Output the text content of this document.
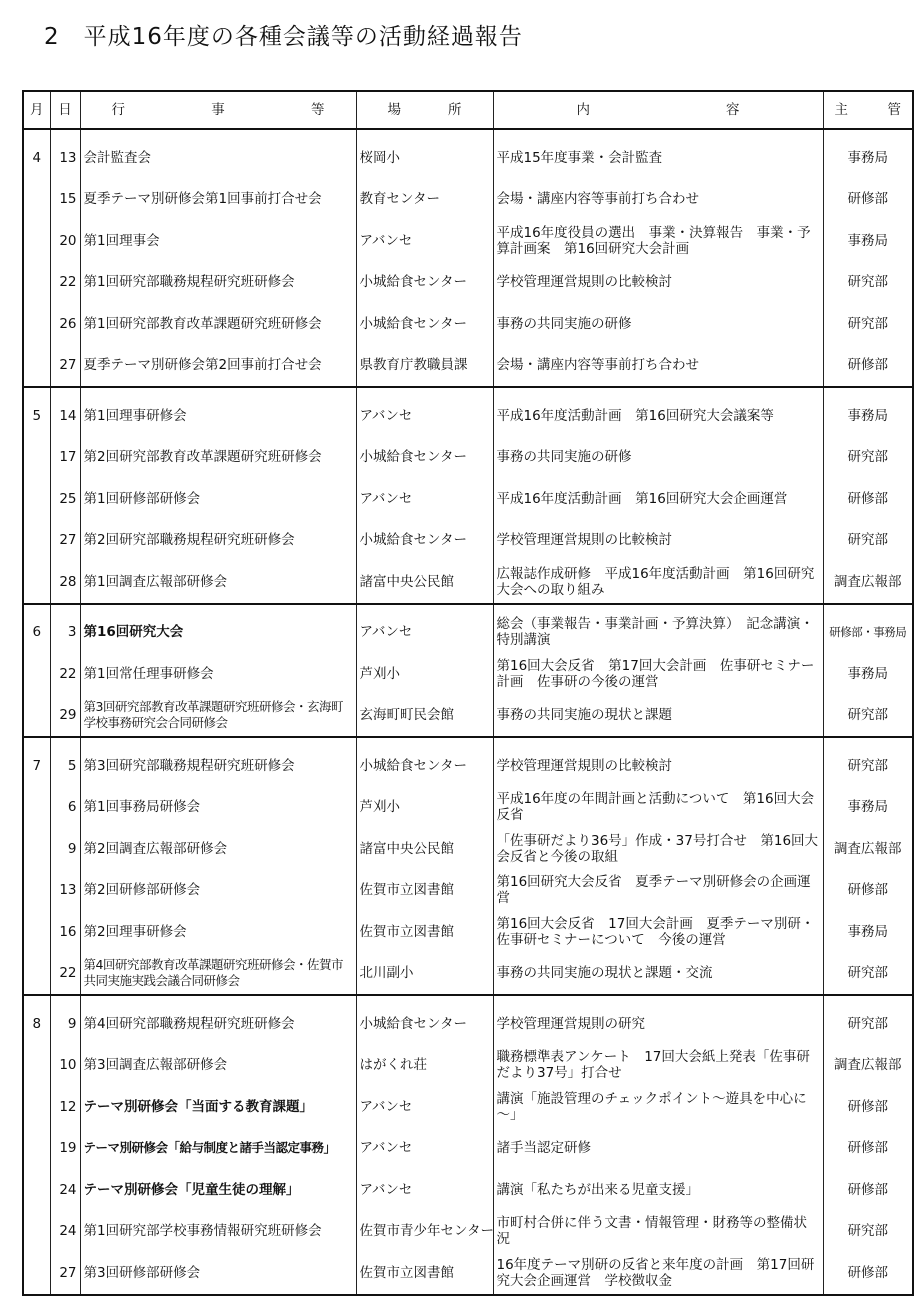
2　平成16年度の各種会議等の活動経過報告
月	日	行 事 等	場 所	内 容	主 管

4	13	会計監査会	桜岡小	平成15年度事業・会計監査	事務局
	15	夏季テーマ別研修会第1回事前打合せ会	教育センター	会場・講座内容等事前打ち合わせ	研修部
	20	第1回理事会	アバンセ	平成16年度役員の選出　事業・決算報告　事業・予算計画案　第16回研究大会計画	事務局
	22	第1回研究部職務規程研究班研修会	小城給食センター	学校管理運営規則の比較検討	研究部
	26	第1回研究部教育改革課題研究班研修会	小城給食センター	事務の共同実施の研修	研究部
	27	夏季テーマ別研修会第2回事前打合せ会	県教育庁教職員課	会場・講座内容等事前打ち合わせ	研修部

5	14	第1回理事研修会	アバンセ	平成16年度活動計画　第16回研究大会議案等	事務局
	17	第2回研究部教育改革課題研究班研修会	小城給食センター	事務の共同実施の研修	研究部
	25	第1回研修部研修会	アバンセ	平成16年度活動計画　第16回研究大会企画運営	研修部
	27	第2回研究部職務規程研究班研修会	小城給食センター	学校管理運営規則の比較検討	研究部
	28	第1回調査広報部研修会	諸富中央公民館	広報誌作成研修　平成16年度活動計画　第16回研究大会への取り組み	調査広報部

6	3	第16回研究大会	アバンセ	総会（事業報告・事業計画・予算決算）　記念講演・特別講演	研修部・事務局
	22	第1回常任理事研修会	芦刈小	第16回大会反省　第17回大会計画　佐事研セミナー計画　佐事研の今後の運営	事務局
	29	第3回研究部教育改革課題研究班研修会・玄海町学校事務研究会合同研修会	玄海町町民会館	事務の共同実施の現状と課題	研究部

7	5	第3回研究部職務規程研究班研修会	小城給食センター	学校管理運営規則の比較検討	研究部
	6	第1回事務局研修会	芦刈小	平成16年度の年間計画と活動について　第16回大会反省	事務局
	9	第2回調査広報部研修会	諸富中央公民館	「佐事研だより36号」作成・37号打合せ　第16回大会反省と今後の取組	調査広報部
	13	第2回研修部研修会	佐賀市立図書館	第16回研究大会反省　夏季テーマ別研修会の企画運営	研修部
	16	第2回理事研修会	佐賀市立図書館	第16回大会反省　17回大会計画　夏季テーマ別研・佐事研セミナーについて　今後の運営	事務局
	22	第4回研究部教育改革課題研究班研修会・佐賀市共同実施実践会議合同研修会	北川副小	事務の共同実施の現状と課題・交流	研究部

8	9	第4回研究部職務規程研究班研修会	小城給食センター	学校管理運営規則の研究	研究部
	10	第3回調査広報部研修会	はがくれ荘	職務標準表アンケート　17回大会紙上発表「佐事研だより37号」打合せ	調査広報部
	12	テーマ別研修会「当面する教育課題」	アバンセ	講演「施設管理のチェックポイント～遊具を中心に～」	研修部
	19	テーマ別研修会「給与制度と諸手当認定事務」	アバンセ	諸手当認定研修	研修部
	24	テーマ別研修会「児童生徒の理解」	アバンセ	講演「私たちが出来る児童支援」	研修部
	24	第1回研究部学校事務情報研究班研修会	佐賀市青少年センター	市町村合併に伴う文書・情報管理・財務等の整備状況	研究部
	27	第3回研修部研修会	佐賀市立図書館	16年度テーマ別研の反省と来年度の計画　第17回研究大会企画運営　学校徴収金	研修部
